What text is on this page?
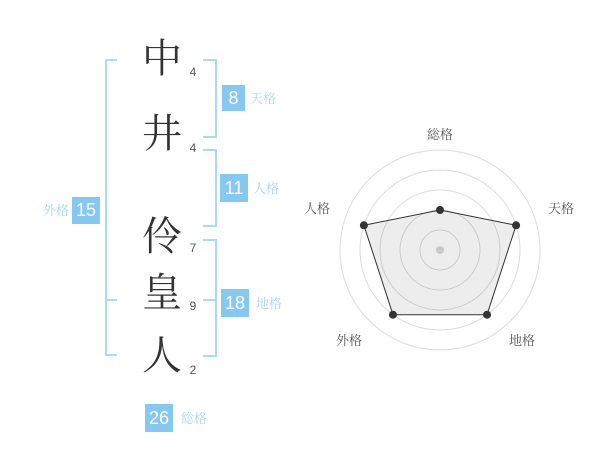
中
井
伶
皇
人
4
4
7
9
2
8 天格
11 人格
18 地格
外格 15
26 総格
総格
天格
地格
外格
人格
